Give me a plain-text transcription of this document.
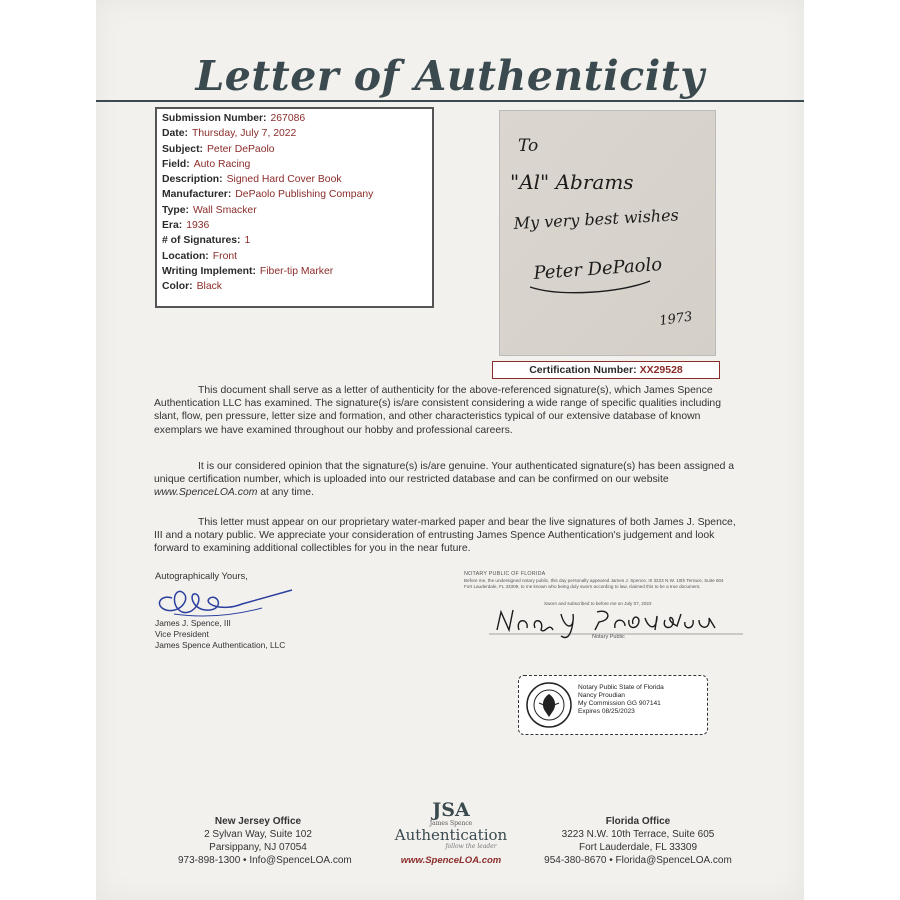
Letter of Authenticity
Submission Number: 267086
Date: Thursday, July 7, 2022
Subject: Peter DePaolo
Field: Auto Racing
Description: Signed Hard Cover Book
Manufacturer: DePaolo Publishing Company
Type: Wall Smacker
Era: 1936
# of Signatures: 1
Location: Front
Writing Implement: Fiber-tip Marker
Color: Black
To
"Al" Abrams
My very best wishes
Peter DePaolo
1973
Certification Number: XX29528
This document shall serve as a letter of authenticity for the above-referenced signature(s), which James Spence Authentication LLC has examined. The signature(s) is/are consistent considering a wide range of specific qualities including slant, flow, pen pressure, letter size and formation, and other characteristics typical of our extensive database of known exemplars we have examined throughout our hobby and professional careers.
It is our considered opinion that the signature(s) is/are genuine. Your authenticated signature(s) has been assigned a unique certification number, which is uploaded into our restricted database and can be confirmed on our website www.SpenceLOA.com at any time.
This letter must appear on our proprietary water-marked paper and bear the live signatures of both James J. Spence, III and a notary public. We appreciate your consideration of entrusting James Spence Authentication's judgement and look forward to examining additional collectibles for you in the near future.
Autographically Yours,
James J. Spence, III
Vice President
James Spence Authentication, LLC
NOTARY PUBLIC OF FLORIDA
Before me, the undersigned notary public, this day personally appeared James J. Spence, III 3223 N.W. 10th Terrace, Suite 604 Fort Lauderdale, FL 33309, to me known who being duly sworn according to law, claimed this to be a true document.
Sworn and subscribed to before me on July 07, 2022
Notary Public
Notary Public State of Florida
Nancy Proudian
My Commission GG 907141
Expires 08/25/2023
New Jersey Office
2 Sylvan Way, Suite 102
Parsippany, NJ 07054
973-898-1300 • Info@SpenceLOA.com
JSA
James Spence
Authentication
follow the leader
www.SpenceLOA.com
Florida Office
3223 N.W. 10th Terrace, Suite 605
Fort Lauderdale, FL 33309
954-380-8670 • Florida@SpenceLOA.com
